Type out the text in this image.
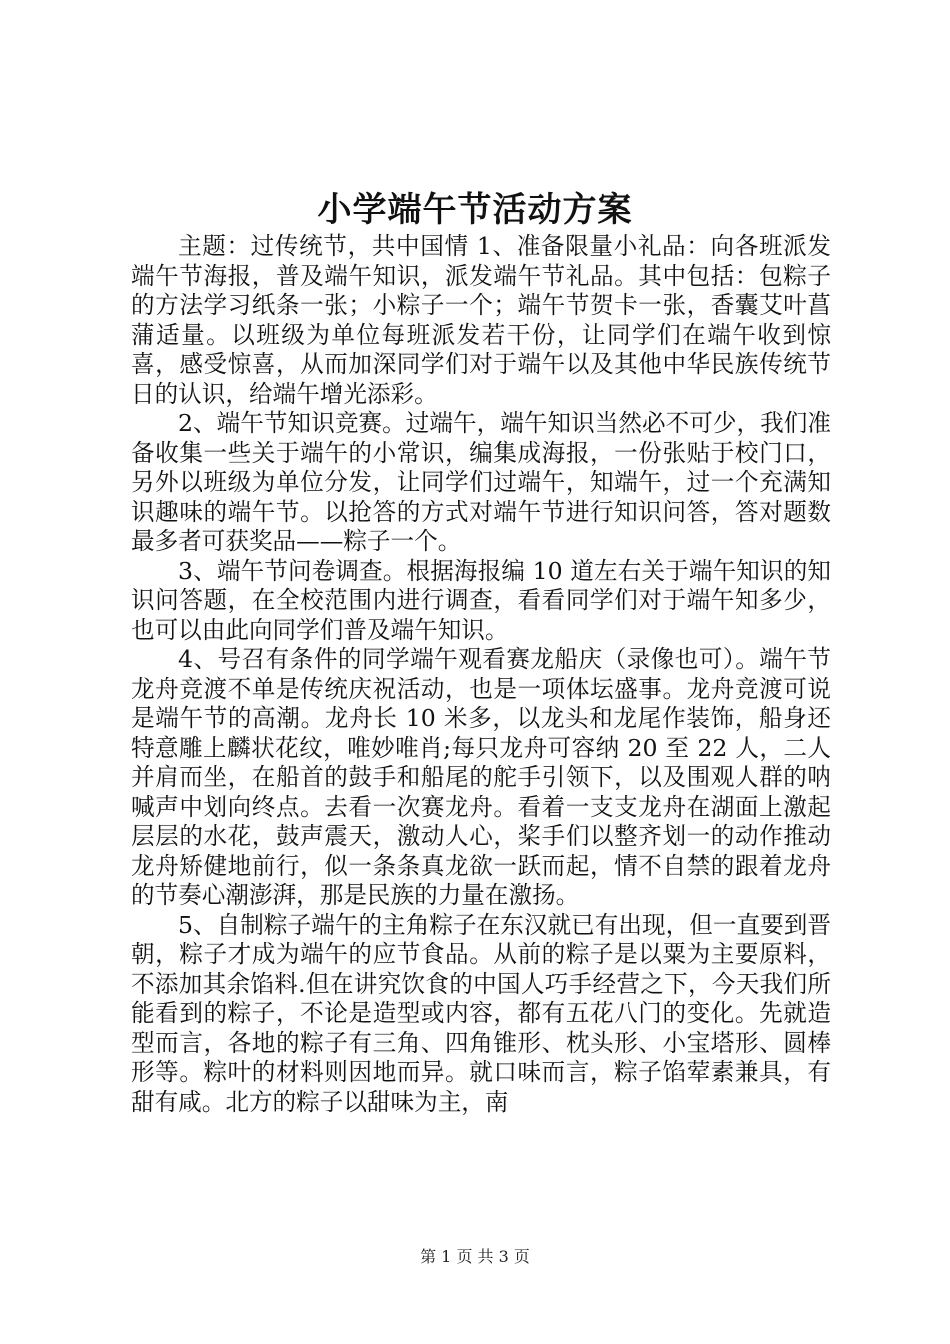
小学端午节活动方案

主题：过传统节，共中国情 1、准备限量小礼品：向各班派发端午节海报，普及端午知识，派发端午节礼品。其中包括：包粽子的方法学习纸条一张；小粽子一个；端午节贺卡一张，香囊艾叶菖蒲适量。以班级为单位每班派发若干份，让同学们在端午收到惊喜，感受惊喜，从而加深同学们对于端午以及其他中华民族传统节日的认识，给端午增光添彩。

2、端午节知识竞赛。过端午，端午知识当然必不可少，我们准备收集一些关于端午的小常识，编集成海报，一份张贴于校门口，另外以班级为单位分发，让同学们过端午，知端午，过一个充满知识趣味的端午节。以抢答的方式对端午节进行知识问答，答对题数最多者可获奖品——粽子一个。

3、端午节问卷调查。根据海报编 10 道左右关于端午知识的知识问答题，在全校范围内进行调查，看看同学们对于端午知多少，也可以由此向同学们普及端午知识。

4、号召有条件的同学端午观看赛龙船庆（录像也可）。端午节龙舟竞渡不单是传统庆祝活动，也是一项体坛盛事。龙舟竞渡可说是端午节的高潮。龙舟长 10 米多，以龙头和龙尾作装饰，船身还特意雕上麟状花纹，唯妙唯肖;每只龙舟可容纳 20 至 22 人，二人并肩而坐，在船首的鼓手和船尾的舵手引领下，以及围观人群的呐喊声中划向终点。去看一次赛龙舟。看着一支支龙舟在湖面上激起层层的水花，鼓声震天，激动人心，桨手们以整齐划一的动作推动龙舟矫健地前行，似一条条真龙欲一跃而起，情不自禁的跟着龙舟的节奏心潮澎湃，那是民族的力量在激扬。

5、自制粽子端午的主角粽子在东汉就已有出现，但一直要到晋朝，粽子才成为端午的应节食品。从前的粽子是以粟为主要原料，不添加其余馅料.但在讲究饮食的中国人巧手经营之下，今天我们所能看到的粽子，不论是造型或内容，都有五花八门的变化。先就造型而言，各地的粽子有三角、四角锥形、枕头形、小宝塔形、圆棒形等。粽叶的材料则因地而异。就口味而言，粽子馅荤素兼具，有甜有咸。北方的粽子以甜味为主，南

第 1 页 共 3 页
